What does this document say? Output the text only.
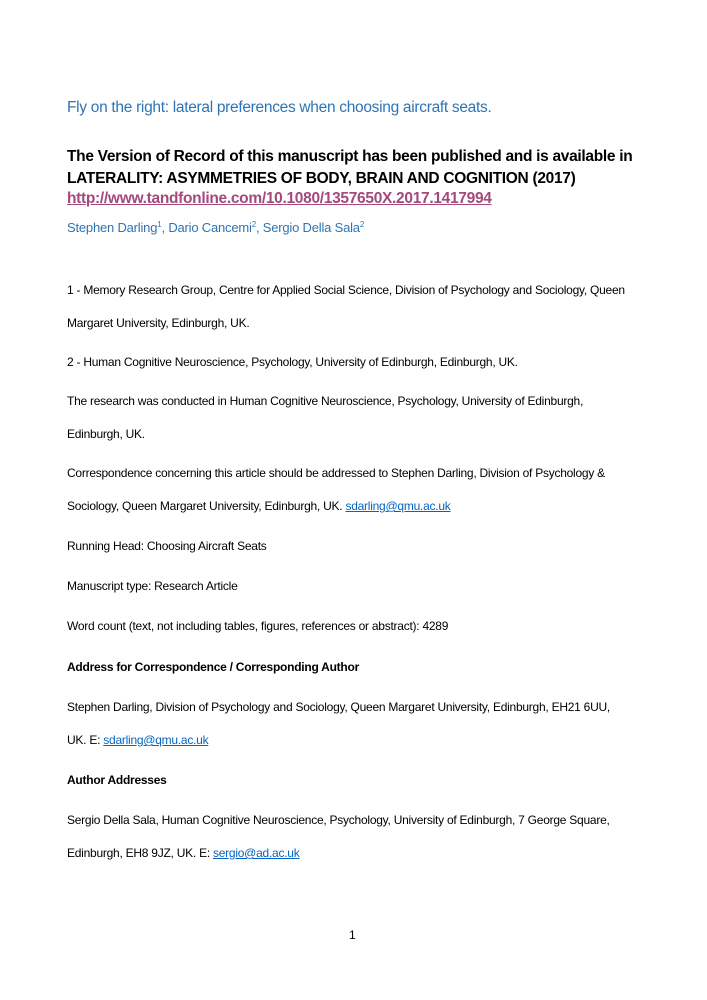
Fly on the right: lateral preferences when choosing aircraft seats.
The Version of Record of this manuscript has been published and is available in
LATERALITY: ASYMMETRIES OF BODY, BRAIN AND COGNITION (2017)
http://www.tandfonline.com/10.1080/1357650X.2017.1417994
Stephen Darling$^1$, Dario Cancemi$^2$, Sergio Della Sala$^2$
1 - Memory Research Group, Centre for Applied Social Science, Division of Psychology and Sociology, Queen
Margaret University, Edinburgh, UK.
2 - Human Cognitive Neuroscience, Psychology, University of Edinburgh, Edinburgh, UK.
The research was conducted in Human Cognitive Neuroscience, Psychology, University of Edinburgh,
Edinburgh, UK.
Correspondence concerning this article should be addressed to Stephen Darling, Division of Psychology &
Sociology, Queen Margaret University, Edinburgh, UK. sdarling@qmu.ac.uk
Running Head: Choosing Aircraft Seats
Manuscript type: Research Article
Word count (text, not including tables, figures, references or abstract): 4289
Address for Correspondence / Corresponding Author
Stephen Darling, Division of Psychology and Sociology, Queen Margaret University, Edinburgh, EH21 6UU,
UK. E: sdarling@qmu.ac.uk
Author Addresses
Sergio Della Sala, Human Cognitive Neuroscience, Psychology, University of Edinburgh, 7 George Square,
Edinburgh, EH8 9JZ, UK. E: sergio@ad.ac.uk
1
